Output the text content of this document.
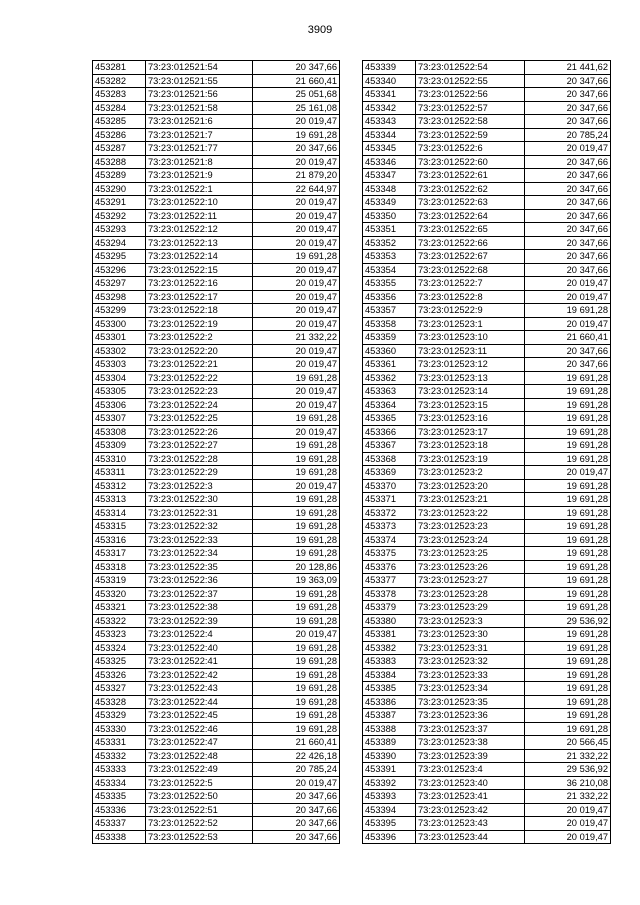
3909
453281	73:23:012521:54	20 347,66
453282	73:23:012521:55	21 660,41
453283	73:23:012521:56	25 051,68
453284	73:23:012521:58	25 161,08
453285	73:23:012521:6	20 019,47
453286	73:23:012521:7	19 691,28
453287	73:23:012521:77	20 347,66
453288	73:23:012521:8	20 019,47
453289	73:23:012521:9	21 879,20
453290	73:23:012522:1	22 644,97
453291	73:23:012522:10	20 019,47
453292	73:23:012522:11	20 019,47
453293	73:23:012522:12	20 019,47
453294	73:23:012522:13	20 019,47
453295	73:23:012522:14	19 691,28
453296	73:23:012522:15	20 019,47
453297	73:23:012522:16	20 019,47
453298	73:23:012522:17	20 019,47
453299	73:23:012522:18	20 019,47
453300	73:23:012522:19	20 019,47
453301	73:23:012522:2	21 332,22
453302	73:23:012522:20	20 019,47
453303	73:23:012522:21	20 019,47
453304	73:23:012522:22	19 691,28
453305	73:23:012522:23	20 019,47
453306	73:23:012522:24	20 019,47
453307	73:23:012522:25	19 691,28
453308	73:23:012522:26	20 019,47
453309	73:23:012522:27	19 691,28
453310	73:23:012522:28	19 691,28
453311	73:23:012522:29	19 691,28
453312	73:23:012522:3	20 019,47
453313	73:23:012522:30	19 691,28
453314	73:23:012522:31	19 691,28
453315	73:23:012522:32	19 691,28
453316	73:23:012522:33	19 691,28
453317	73:23:012522:34	19 691,28
453318	73:23:012522:35	20 128,86
453319	73:23:012522:36	19 363,09
453320	73:23:012522:37	19 691,28
453321	73:23:012522:38	19 691,28
453322	73:23:012522:39	19 691,28
453323	73:23:012522:4	20 019,47
453324	73:23:012522:40	19 691,28
453325	73:23:012522:41	19 691,28
453326	73:23:012522:42	19 691,28
453327	73:23:012522:43	19 691,28
453328	73:23:012522:44	19 691,28
453329	73:23:012522:45	19 691,28
453330	73:23:012522:46	19 691,28
453331	73:23:012522:47	21 660,41
453332	73:23:012522:48	22 426,18
453333	73:23:012522:49	20 785,24
453334	73:23:012522:5	20 019,47
453335	73:23:012522:50	20 347,66
453336	73:23:012522:51	20 347,66
453337	73:23:012522:52	20 347,66
453338	73:23:012522:53	20 347,66
453339	73:23:012522:54	21 441,62
453340	73:23:012522:55	20 347,66
453341	73:23:012522:56	20 347,66
453342	73:23:012522:57	20 347,66
453343	73:23:012522:58	20 347,66
453344	73:23:012522:59	20 785,24
453345	73:23:012522:6	20 019,47
453346	73:23:012522:60	20 347,66
453347	73:23:012522:61	20 347,66
453348	73:23:012522:62	20 347,66
453349	73:23:012522:63	20 347,66
453350	73:23:012522:64	20 347,66
453351	73:23:012522:65	20 347,66
453352	73:23:012522:66	20 347,66
453353	73:23:012522:67	20 347,66
453354	73:23:012522:68	20 347,66
453355	73:23:012522:7	20 019,47
453356	73:23:012522:8	20 019,47
453357	73:23:012522:9	19 691,28
453358	73:23:012523:1	20 019,47
453359	73:23:012523:10	21 660,41
453360	73:23:012523:11	20 347,66
453361	73:23:012523:12	20 347,66
453362	73:23:012523:13	19 691,28
453363	73:23:012523:14	19 691,28
453364	73:23:012523:15	19 691,28
453365	73:23:012523:16	19 691,28
453366	73:23:012523:17	19 691,28
453367	73:23:012523:18	19 691,28
453368	73:23:012523:19	19 691,28
453369	73:23:012523:2	20 019,47
453370	73:23:012523:20	19 691,28
453371	73:23:012523:21	19 691,28
453372	73:23:012523:22	19 691,28
453373	73:23:012523:23	19 691,28
453374	73:23:012523:24	19 691,28
453375	73:23:012523:25	19 691,28
453376	73:23:012523:26	19 691,28
453377	73:23:012523:27	19 691,28
453378	73:23:012523:28	19 691,28
453379	73:23:012523:29	19 691,28
453380	73:23:012523:3	29 536,92
453381	73:23:012523:30	19 691,28
453382	73:23:012523:31	19 691,28
453383	73:23:012523:32	19 691,28
453384	73:23:012523:33	19 691,28
453385	73:23:012523:34	19 691,28
453386	73:23:012523:35	19 691,28
453387	73:23:012523:36	19 691,28
453388	73:23:012523:37	19 691,28
453389	73:23:012523:38	20 566,45
453390	73:23:012523:39	21 332,22
453391	73:23:012523:4	29 536,92
453392	73:23:012523:40	36 210,08
453393	73:23:012523:41	21 332,22
453394	73:23:012523:42	20 019,47
453395	73:23:012523:43	20 019,47
453396	73:23:012523:44	20 019,47
